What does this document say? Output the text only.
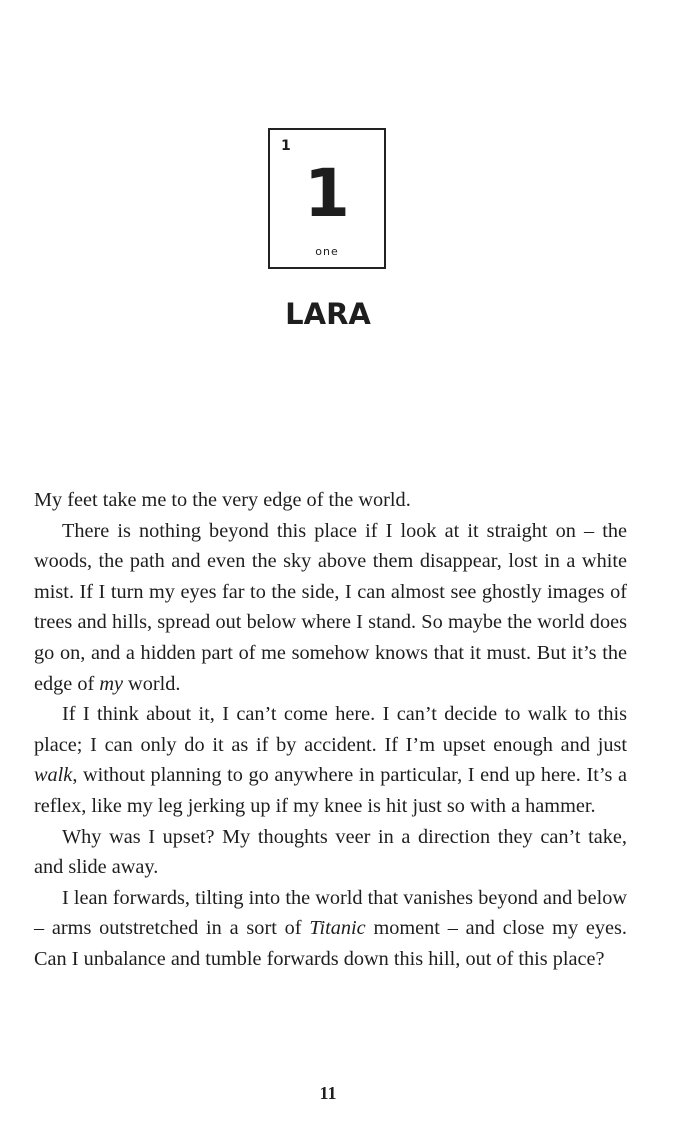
1
1
one
LARA

My feet take me to the very edge of the world.

There is nothing beyond this place if I look at it straight on – the woods, the path and even the sky above them disappear, lost in a white mist. If I turn my eyes far to the side, I can almost see ghostly images of trees and hills, spread out below where I stand. So maybe the world does go on, and a hidden part of me somehow knows that it must. But it’s the edge of my world.

If I think about it, I can’t come here. I can’t decide to walk to this place; I can only do it as if by accident. If I’m upset enough and just walk, without planning to go anywhere in particular, I end up here. It’s a reflex, like my leg jerking up if my knee is hit just so with a hammer.

Why was I upset? My thoughts veer in a direction they can’t take, and slide away.

I lean forwards, tilting into the world that vanishes beyond and below – arms outstretched in a sort of Titanic moment – and close my eyes. Can I unbalance and tumble forwards down this hill, out of this place?

11
